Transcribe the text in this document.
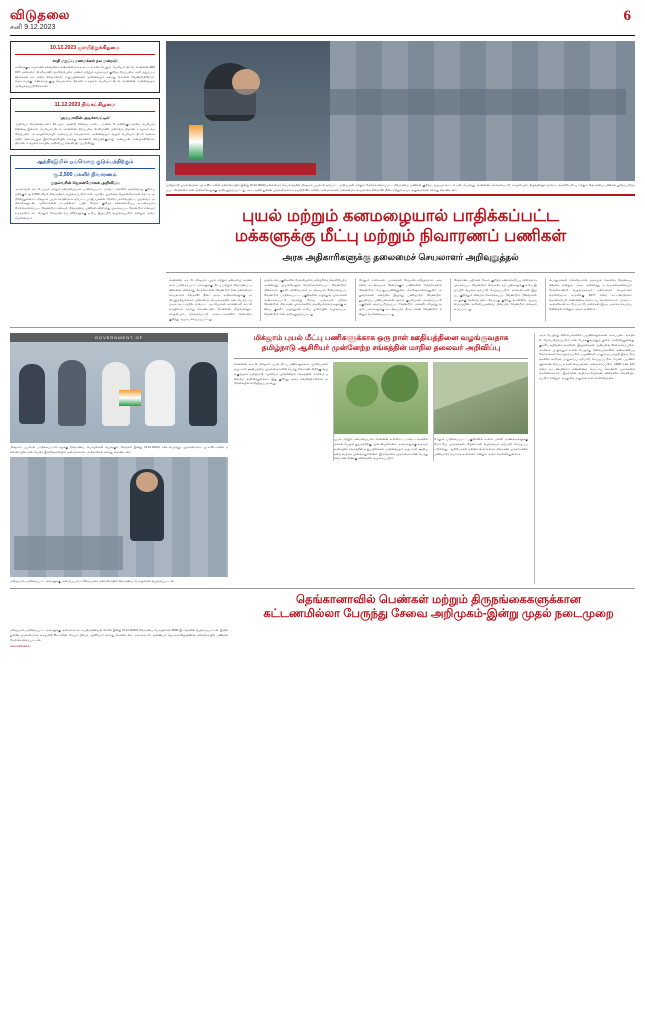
விடுதலை
சனி 9.12.2023
6
10.12.2023 ஞாயிற்றுக்கிழமை
சாதி மறுப்பு மணமக்கள் நல மன்றம்!
காரைக்குடி சாதாரண கல்வளைா-கஙிதன்மைசாக கூட்டம் நடைபெறும். பெரியார் திடல், சென்னை-600 007. தலைமை: கி.வீரமணி. வரவேற்புரை: மணம் மற்றும் சமுதாயம் குறித்த சிறப்புரை. சாதி மறுப்பு மணமக்கள் நல மன்ற நிர்வாகிகள், உறுப்பினர்கள் அனைவரும் கலந்து கொள்ள வேண்டுகிறோம். தொடர்புக்கு: மணவாழ் குழு செயலாளர், திராவிடர் கழகம், பெரியார் திடல், சென்னை. அனைவரும் அழைக்கப்படுகிறார்கள்.
11.12.2023 திங்கட்கிழமை
'அய்யாவின் அடிச்சுவட்டில்'
ஆசிரியர் சிந்தனையாளர் 91-ஆம் ஆண்டு நிறைவு நாள் - மாலை 6 மணிக்கு! தந்தை பெரியார் நினைவு இல்லம், பெரியார் திடல், சென்னை. சிறப்புரை: கி.வீரமணி, தலைவர், திராவிடர் கழகம். வரவேற்புரை: அ.அருள்மொழி, அமைப்புச் செயலாளர். அனைவரும் வருக! பெரியார் திடல் வளாகத்தில் நடைபெறும் இந்நிகழ்ச்சியில் கலந்து கொண்டு சிறப்பிக்குமாறு அன்புடன் அழைக்கிறோம். திராவிடர் கழகம் சார்பில் அறிவிப்பு வெளியிடப்படுகிறது.
ஆந்திரஇயில் ஓய்வொரு குடும்பத்திற்கும்
ரூ.2,500 மகளிர் நிவாரணம்
முதல்வரின் ஜெகன்மோகன் அறிவிப்பு
அமராவதி, டிச. 9- புயல் மற்றும் கனமழையால் பாதிக்கப்பட்ட மாவட்டங்களில் ஒவ்வொரு குடும்பத்திற்கும் ரூ.2,500 வீதம் நிவாரணம் வழங்கப்படும் என ஆந்திர முதல்வர் ஜெகன்மோகன் ரெட்டி அறிவித்துள்ளார். மிக்ஜாம் புயல் காரணமாக ஏற்பட்ட பாதிப்புகளை நேரில் பார்வையிட்ட முதல்வர், அதிகாரிகளுடன் ஆலோசனை நடத்தினார். பயிர் சேதம் குறித்த கணக்கெடுப்பு உடனடியாக மேற்கொள்ளப்பட வேண்டும் எனவும், நிவாரணப் பணிகள் விரைந்து முடிக்கப்பட வேண்டும் எனவும் உத்தரவிட்டார். மேலும் சேதமடைந்த வீடுகளுக்கு உரிய இழப்பீடு வழங்கப்படும் என்றும் அவர் தெரிவித்தார்.
தமிழ்நாடு முதலமைச்சர் மு.க.ஸ்டாலின் தலைமையில் இன்று (9.12.2023) தலைமைச் செயலகத்தில் மிக்ஜாம் புயலால் ஏற்பட்ட பாதிப்புகள் மற்றும் மேற்கொள்ளப்பட்ட நிவாரணப் பணிகள் குறித்த ஆய்வுக் கூட்டம் நடைபெற்றது. சென்னை, செங்கல்பட்டு, காஞ்சிபுரம், திருவள்ளூர் மாவட்டங்களில் மீட்பு மற்றும் நிவாரணப் பணிகள் துரிதப்படுத்தப்பட வேண்டும் என அதிகாரிகளுக்கு அறிவுறுத்தப்பட்டது. கூட்டத்தில் துணை முதலமைச்சர் உதயநிதி ஸ்டாலின், அமைச்சர்கள், தலைமைச் செயலாளர் சிவ்தாஸ் மீனா மற்றும் உயர் அலுவலர்கள் கலந்து கொண்டனர்.
புயல் மற்றும் கனமழையால் பாதிக்கப்பட்ட
மக்களுக்கு மீட்பு மற்றும் நிவாரணப் பணிகள்
அரசு அதிகாரிகளுக்கு தலைமைச் செயலாளர் அறிவுறுத்தல்
சென்னை, டிச. 9- மிக்ஜாம் புயல் மற்றும் கனமழை காரணமாக பாதிக்கப்பட்ட மக்களுக்கு மீட்பு மற்றும் நிவாரணப் பணிகளை விரைந்து மேற்கொள்ள வேண்டும் என தலைமைச் செயலாளர் சிவ்தாஸ் மீனா அரசு அதிகாரிகளுக்கு அறிவுறுத்தியுள்ளார். தலைமைச் செயலகத்தில் நடைபெற்ற ஆய்வுக் கூட்டத்தில் மாவட்ட ஆட்சியர்கள் காணொலி காட்சி வாயிலாக கலந்து கொண்டனர். சென்னை, திருவள்ளூர், காஞ்சிபுரம், செங்கல்பட்டு மாவட்டங்களில் நிலைமை குறித்து ஆய்வு செய்யப்பட்டது.
தாழ்வான பகுதிகளில் தேங்கியுள்ள மழைநீரை வெளியேற்ற அனைத்து முயற்சிகளும் மேற்கொள்ளப்பட வேண்டும். மின்சாரம், குடிநீர் விநியோகம் உடனடியாக சீரமைக்கப்பட வேண்டும். பாதிக்கப்பட்ட பகுதிகளில் மருத்துவ முகாம்கள் அமைக்கப்பட்டு தொற்று நோய் பரவாமல் தடுக்க வேண்டும். நிவாரண முகாம்களில் தங்கியுள்ளவர்களுக்கு உணவு, குடிநீர், மருந்துகள் உரிய முறையில் வழங்கப்பட வேண்டும் என அறிவுறுத்தப்பட்டது.
மேலும் சாலைகள், பாலங்கள் சேதமடைந்திருந்தால் அவற்றை உடனடியாக சீரமைக்கும் பணிகளை மேற்கொள்ள வேண்டும். பொதுப்பணித்துறை, நெடுஞ்சாலைத்துறை அலுவலர்கள் களத்தில் இருந்து பணியாற்ற வேண்டும். தூய்மைப் பணியாளர்கள் மூலம் குப்பைகள் அகற்றப்பட்டு பகுதிகள் சுத்தப்படுத்தப்பட வேண்டும். மக்களிடமிருந்து வரும் புகார்களுக்கு உடனடியாக தீர்வு காண வேண்டும் என்றும் தெரிவிக்கப்பட்டது.
வேளாண் பயிர்கள் சேதம் குறித்த கணக்கெடுப்பு விரைவாக முடிக்கப்பட வேண்டும். சேதமடைந்த பயிர்களுக்கு உரிய இழப்பீடு வழங்க ஏற்பாடு செய்யப்படும். கால்நடைகள் இழப்பு குறித்தும் விவரம் சேகரிக்கப்பட வேண்டும். மீனவர்கள் கடலுக்கு செல்லத் தடை நீடிப்பது குறித்து வானிலை ஆய்வு மையத்தின் அறிவிப்புகளைப் பின்பற்ற வேண்டும் எனவும் கூறப்பட்டது.
பொதுமக்கள் எவ்விதமான அச்சமும் கொள்ள வேண்டியதில்லை என்றும், அரசு அனைத்து நடவடிக்கைகளையும் மேற்கொண்டு வருவதாகவும் தலைமைச் செயலாளர் தெரிவித்தார். உதவிக்கு 1077 என்ற கட்டணமில்லா தொலைபேசி எண்ணைத் தொடர்பு கொள்ளலாம். மாவட்ட அளவிலான கட்டுப்பாட்டு அறைகள் இரவு பகலாக செயல்படுகின்றன என்றும் அவர் கூறினார்.
GOVERNMENT OF
மிக்ஜாம் புயலால் பாதிக்கப்பட்டோருக்கு நிவாரணப் பொருள்கள் வழங்கும் நிகழ்ச்சி இன்று (9.12.2023) நடைபெற்றது. முதலமைச்சர் மு.க.ஸ்டாலின் தலைமையில் நடைபெற்ற இந்நிகழ்ச்சியில் அமைச்சர்கள், அதிகாரிகள் கலந்து கொண்டனர்.
மழையால் பாதிக்கப்பட்ட மக்களுக்கு அமைப்பு மாட்சிமையாளர் தலைமையில் நிவாரணப் பொருள்கள் வழங்கப்பட்டன.
மிக்ஜாம் புயல் மீட்பு பணிகளுக்காக ஒரு நாள் ஊதியத்தினை வழங்குவதாக
தமிழ்நாடு ஆசிரியர் முன்னேற்ற சங்கத்தின் மாநில தலைவர் அறிவிப்பு
சென்னை, டிச. 9- மிக்ஜாம் புயல் மீட்பு பணிகளுக்காக ஆசிரியர்கள் ஒரு நாள் ஊதியத்தை முதலமைச்சரின் பொது நிவாரண நிதிக்கு வழங்குவதாக தமிழ்நாடு ஆசிரியர் முன்னேற்ற சங்கத்தின் மாநிலத் தலைவர் அறிவித்துள்ளார். இது குறித்து அவர் வெளியிட்டுள்ள அறிக்கையில் கூறியிருப்பதாவது:
புயல் மற்றும் கனமழையால் சென்னை உள்ளிட்ட மாவட்டங்களில் மக்கள் பெரும் துயரத்திற்கு ஆளாகியுள்ளனர். அவர்களுக்கு உதவும் வகையில் சங்கத்தின் உறுப்பினர்கள் அனைவரும் ஒரு நாள் ஊதியத்தை வழங்க முன்வந்துள்ளனர். இத்தொகை முதலமைச்சரின் பொது நிவாரண நிதிக்கு விரைவில் வழங்கப்படும்.
மேலும் பாதிக்கப்பட்ட பகுதிகளில் உள்ள பள்ளி மாணவர்களுக்கு நோட்டுப் புத்தகங்கள், சீருடைகள் வழங்கவும் ஏற்பாடு செய்யப்பட்டுள்ளது. ஆசிரியர்கள் தன்னார்வலர்களாக நிவாரண முகாம்களில் பணியாற்ற தயாராக உள்ளனர் என்றும் அவர் தெரிவித்துள்ளார்.
அரசு பேருந்து நிலையங்களில் பயணிகளுக்கான அடிப்படை வசதிகள் மேம்படுத்தப்படும் என போக்குவரத்துத் துறை அறிவித்துள்ளது. குடிநீர், கழிவறை வசதிகள், இருக்கைகள் ஆகியவை சீரமைக்கப்படும். மாநிலம் முழுவதும் உள்ள பேருந்து நிலையங்களில் கண்காணிப்பு கேமராக்கள் பொருத்தப்படும். பயணிகள் பாதுகாப்பு கருதி இரவு நேரங்களில் கூடுதல் பாதுகாப்பு ஏற்பாடு செய்யப்படும். பெண் பயணிகளுக்கான சிறப்பு உதவி மையங்கள் அமைக்கப்படும். 1800 எண் 127 என்ற கட்டணமில்லா எண்ணைத் தொடர்பு கொண்டு புகார்களை தெரிவிக்கலாம். இதற்கான வழிகாட்டுதல்கள் விரைவில் வெளியிடப்படும் என்றும் அத்துறை அலுவலர்கள் தெரிவித்தனர்.
தெங்கானாவில் பெண்கள் மற்றும் திருநங்கைகளுக்கான
கட்டணமில்லா பேருந்து சேவை அறிமுகம்-இன்று முதல் நடைமுறை
மழையால் பாதிக்கப்பட்ட மக்களுக்கு அமைச்சர் மா.சுப்பிரமணியன் நேரில் இன்று (9.12.2023) நிவாரணப் பொருள்கள் 3000 இடங்களில் வழங்கப்பட்டன. இதில் துணை முதலமைச்சர் உதயநிதி ஸ்டாலின், மேயர் பிரியா ஆகியோர் கலந்து கொண்டனர். மாநகராட்சி ஆணையர் ஜெ.ராதாகிருஷ்ணன் தலைமையில் பணிகள் மேற்கொள்ளப்பட்டன.
www.viduthalai.in
